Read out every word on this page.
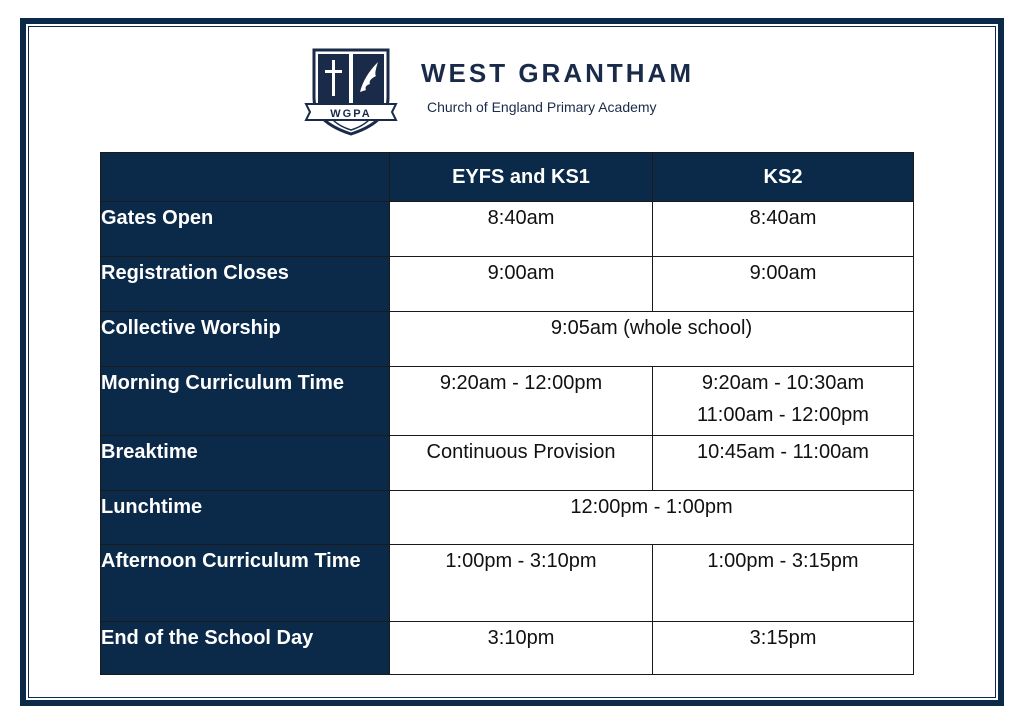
WGPA
WEST GRANTHAM
Church of England Primary Academy
	EYFS and KS1	KS2
Gates Open	8:40am	8:40am
Registration Closes	9:00am	9:00am
Collective Worship	9:05am (whole school)	
Morning Curriculum Time	9:20am - 12:00pm	9:20am - 10:30am
11:00am - 12:00pm

Breaktime	Continuous Provision	10:45am - 11:00am
Lunchtime	12:00pm - 1:00pm	
Afternoon Curriculum Time	1:00pm - 3:10pm	1:00pm - 3:15pm
End of the School Day	3:10pm	3:15pm
